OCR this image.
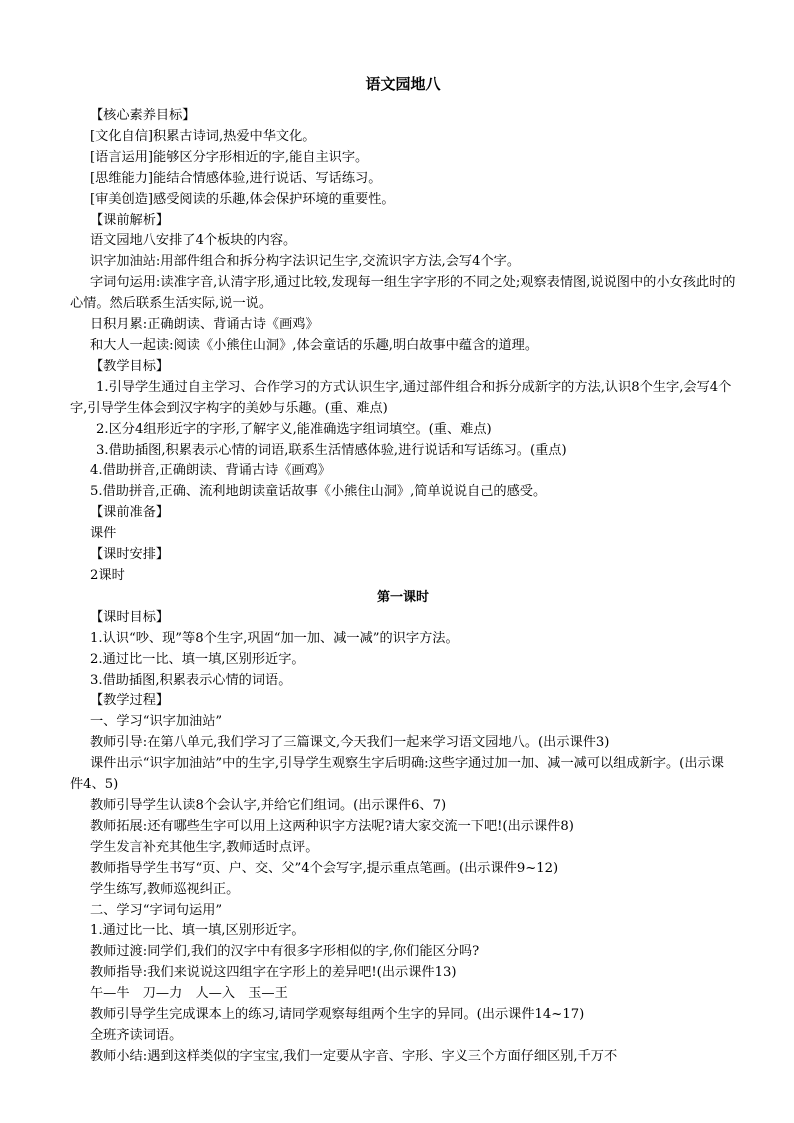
语文园地八

【核心素养目标】

[文化自信]积累古诗词,热爱中华文化。

[语言运用]能够区分字形相近的字,能自主识字。

[思维能力]能结合情感体验,进行说话、写话练习。

[审美创造]感受阅读的乐趣,体会保护环境的重要性。

【课前解析】

语文园地八安排了4个板块的内容。

识字加油站:用部件组合和拆分构字法识记生字,交流识字方法,会写4个字。

字词句运用:读准字音,认清字形,通过比较,发现每一组生字字形的不同之处;观察表情图,说说图中的小女孩此时的心情。然后联系生活实际,说一说。

日积月累:正确朗读、背诵古诗《画鸡》

和大人一起读:阅读《小熊住山洞》,体会童话的乐趣,明白故事中蕴含的道理。

【教学目标】

1.引导学生通过自主学习、合作学习的方式认识生字,通过部件组合和拆分成新字的方法,认识8个生字,会写4个字,引导学生体会到汉字构字的美妙与乐趣。(重、难点)

2.区分4组形近字的字形,了解字义,能准确选字组词填空。(重、难点)

3.借助插图,积累表示心情的词语,联系生活情感体验,进行说话和写话练习。(重点)

4.借助拼音,正确朗读、背诵古诗《画鸡》

5.借助拼音,正确、流利地朗读童话故事《小熊住山洞》,简单说说自己的感受。

【课前准备】

课件

【课时安排】

2课时

第一课时

【课时目标】

1.认识“吵、现”等8个生字,巩固“加一加、减一减”的识字方法。

2.通过比一比、填一填,区别形近字。

3.借助插图,积累表示心情的词语。

【教学过程】

一、学习“识字加油站”

教师引导:在第八单元,我们学习了三篇课文,今天我们一起来学习语文园地八。(出示课件3)

课件出示“识字加油站”中的生字,引导学生观察生字后明确:这些字通过加一加、减一减可以组成新字。(出示课件4、5)

教师引导学生认读8个会认字,并给它们组词。(出示课件6、7)

教师拓展:还有哪些生字可以用上这两种识字方法呢?请大家交流一下吧!(出示课件8)

学生发言补充其他生字,教师适时点评。

教师指导学生书写“页、户、交、父”4个会写字,提示重点笔画。(出示课件9~12)

学生练写,教师巡视纠正。

二、学习“字词句运用”

1.通过比一比、填一填,区别形近字。

教师过渡:同学们,我们的汉字中有很多字形相似的字,你们能区分吗?

教师指导:我们来说说这四组字在字形上的差异吧!(出示课件13)

午—牛　刀—力　人—入　玉—王

教师引导学生完成课本上的练习,请同学观察每组两个生字的异同。(出示课件14~17)

全班齐读词语。

教师小结:遇到这样类似的字宝宝,我们一定要从字音、字形、字义三个方面仔细区别,千万不
